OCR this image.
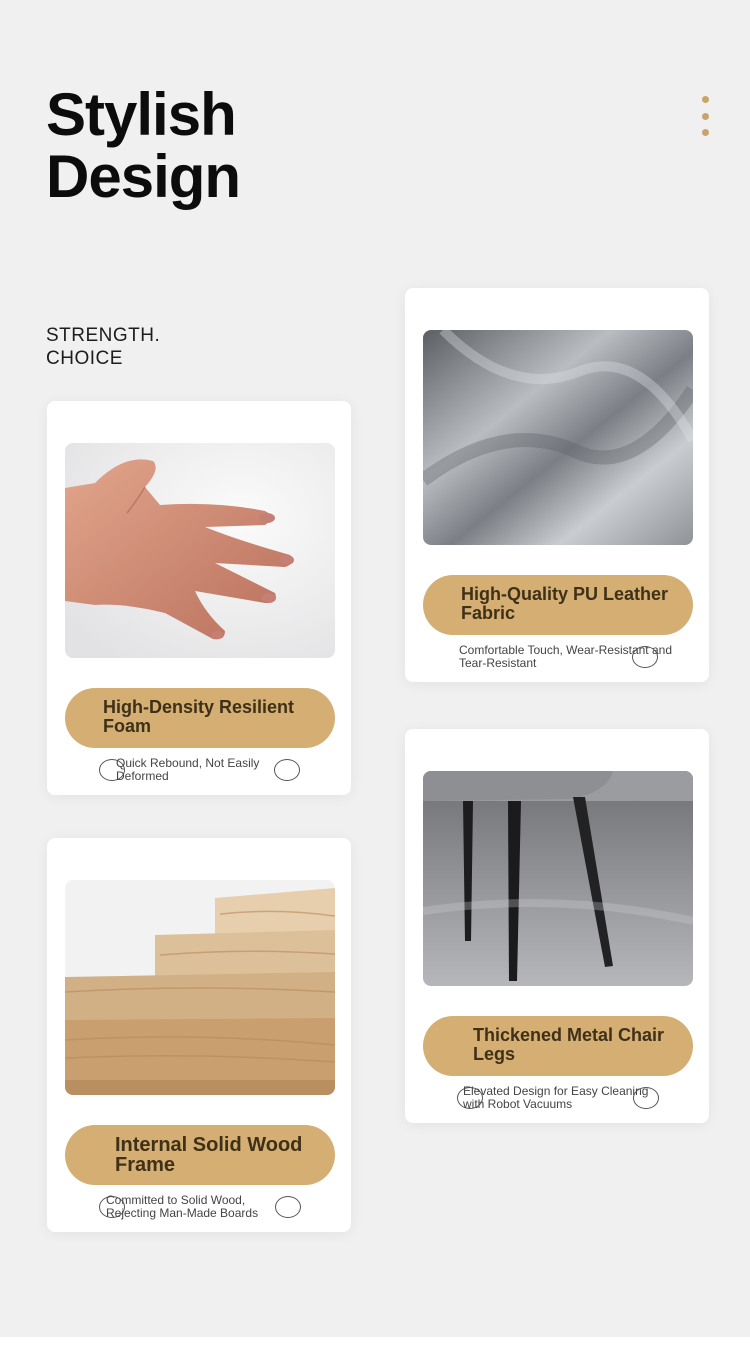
Stylish
Design
STRENGTH.
CHOICE
High-Density Resilient Foam
Quick Rebound, Not Easily Deformed
High-Quality PU Leather Fabric
Comfortable Touch, Wear-Resistant and Tear-Resistant
Internal Solid Wood Frame
Committed to Solid Wood, Rejecting Man-Made Boards
Thickened Metal Chair Legs
Elevated Design for Easy Cleaning with Robot Vacuums
